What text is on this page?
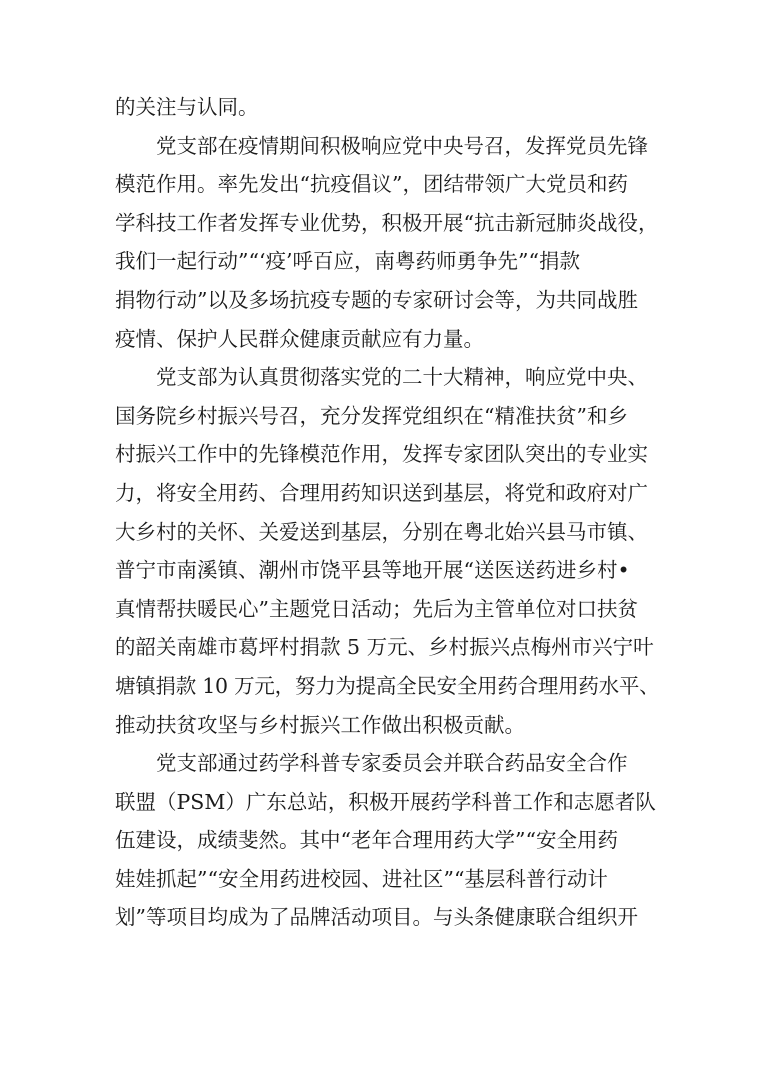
的关注与认同。
党支部在疫情期间积极响应党中央号召，发挥党员先锋
模范作用。率先发出“抗疫倡议”，团结带领广大党员和药
学科技工作者发挥专业优势，积极开展“抗击新冠肺炎战役，
我们一起行动”“‘疫’呼百应，南粤药师勇争先”“捐款
捐物行动”以及多场抗疫专题的专家研讨会等，为共同战胜
疫情、保护人民群众健康贡献应有力量。
党支部为认真贯彻落实党的二十大精神，响应党中央、
国务院乡村振兴号召，充分发挥党组织在“精准扶贫”和乡
村振兴工作中的先锋模范作用，发挥专家团队突出的专业实
力，将安全用药、合理用药知识送到基层，将党和政府对广
大乡村的关怀、关爱送到基层，分别在粤北始兴县马市镇、
普宁市南溪镇、潮州市饶平县等地开展“送医送药进乡村•
真情帮扶暖民心”主题党日活动；先后为主管单位对口扶贫
的韶关南雄市葛坪村捐款 5 万元、乡村振兴点梅州市兴宁叶
塘镇捐款 10 万元，努力为提高全民安全用药合理用药水平、
推动扶贫攻坚与乡村振兴工作做出积极贡献。
党支部通过药学科普专家委员会并联合药品安全合作
联盟（PSM）广东总站，积极开展药学科普工作和志愿者队
伍建设，成绩斐然。其中“老年合理用药大学”“安全用药
娃娃抓起”“安全用药进校园、进社区”“基层科普行动计
划”等项目均成为了品牌活动项目。与头条健康联合组织开
